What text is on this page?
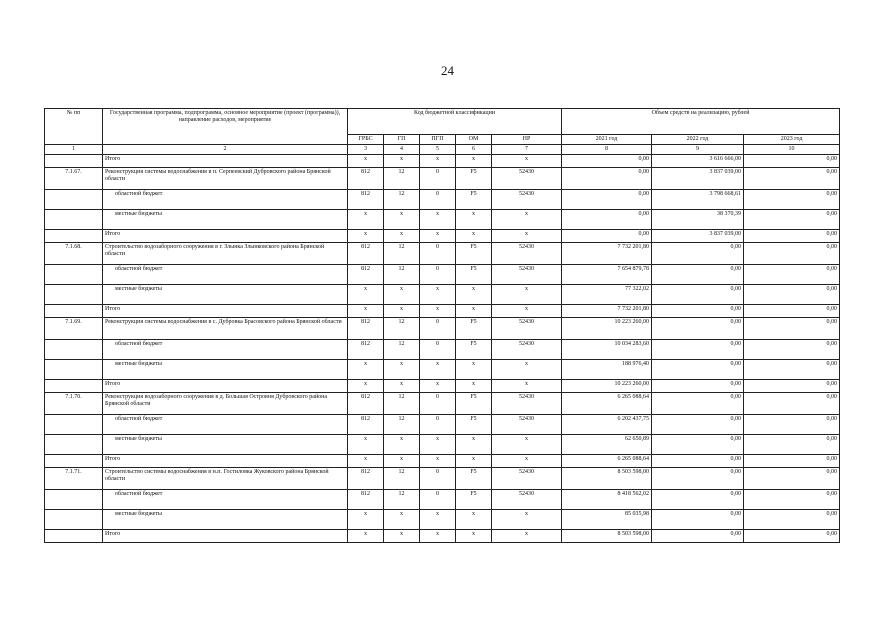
24
№ пп	Государственная программа, подпрограмма, основное мероприятие (проект (программа)), направление расходов, мероприятие	Код бюджетной классификации					Объем средств на реализацию, рублей		
		ГРБС	ГП	ПГП	ОМ	НР	2021 год	2022 год	2023 год
1	2	3	4	5	6	7	8	9	10
	Итого	х	х	х	х	х	0,00	3 616 666,00	0,00
7.1.67.	Реконструкция системы водоснабжения в п. Серпеевский Дубровского района Брянской области	812	12	0	F5	52430	0,00	3 837 039,00	0,00
	областной бюджет	812	12	0	F5	52430	0,00	3 798 668,61	0,00
	местные бюджеты	х	х	х	х	х	0,00	38 370,39	0,00
	Итого	х	х	х	х	х	0,00	3 837 039,00	0,00
7.1.68.	Строительство водозаборного сооружения в г. Злынка Злынковского района Брянской области	812	12	0	F5	52430	7 732 201,80	0,00	0,00
	областной бюджет	812	12	0	F5	52430	7 654 879,78	0,00	0,00
	местные бюджеты	х	х	х	х	х	77 322,02	0,00	0,00
	Итого	х	х	х	х	х	7 732 201,80	0,00	0,00
7.1.69.	Реконструкция системы водоснабжения в с. Дубровка Брасовского района Брянской области	812	12	0	F5	52430	10 223 260,00	0,00	0,00
	областной бюджет	812	12	0	F5	52430	10 034 283,60	0,00	0,00
	местные бюджеты	х	х	х	х	х	188 976,40	0,00	0,00
	Итого	х	х	х	х	х	10 223 260,00	0,00	0,00
7.1.70.	Реконструкция водозаборного сооружения в д. Большая Островня Дубровского района Брянской области	812	12	0	F5	52430	6 265 088,64	0,00	0,00
	областной бюджет	812	12	0	F5	52430	6 202 437,75	0,00	0,00
	местные бюджеты	х	х	х	х	х	62 650,89	0,00	0,00
	Итого	х	х	х	х	х	6 265 088,64	0,00	0,00
7.1.71.	Строительство системы водоснабжения в н.п. Гостиловка Жуковского района Брянской области	812	12	0	F5	52430	8 503 598,00	0,00	0,00
	областной бюджет	812	12	0	F5	52430	8 418 562,02	0,00	0,00
	местные бюджеты	х	х	х	х	х	85 035,98	0,00	0,00
	Итого	х	х	х	х	х	8 503 598,00	0,00	0,00
